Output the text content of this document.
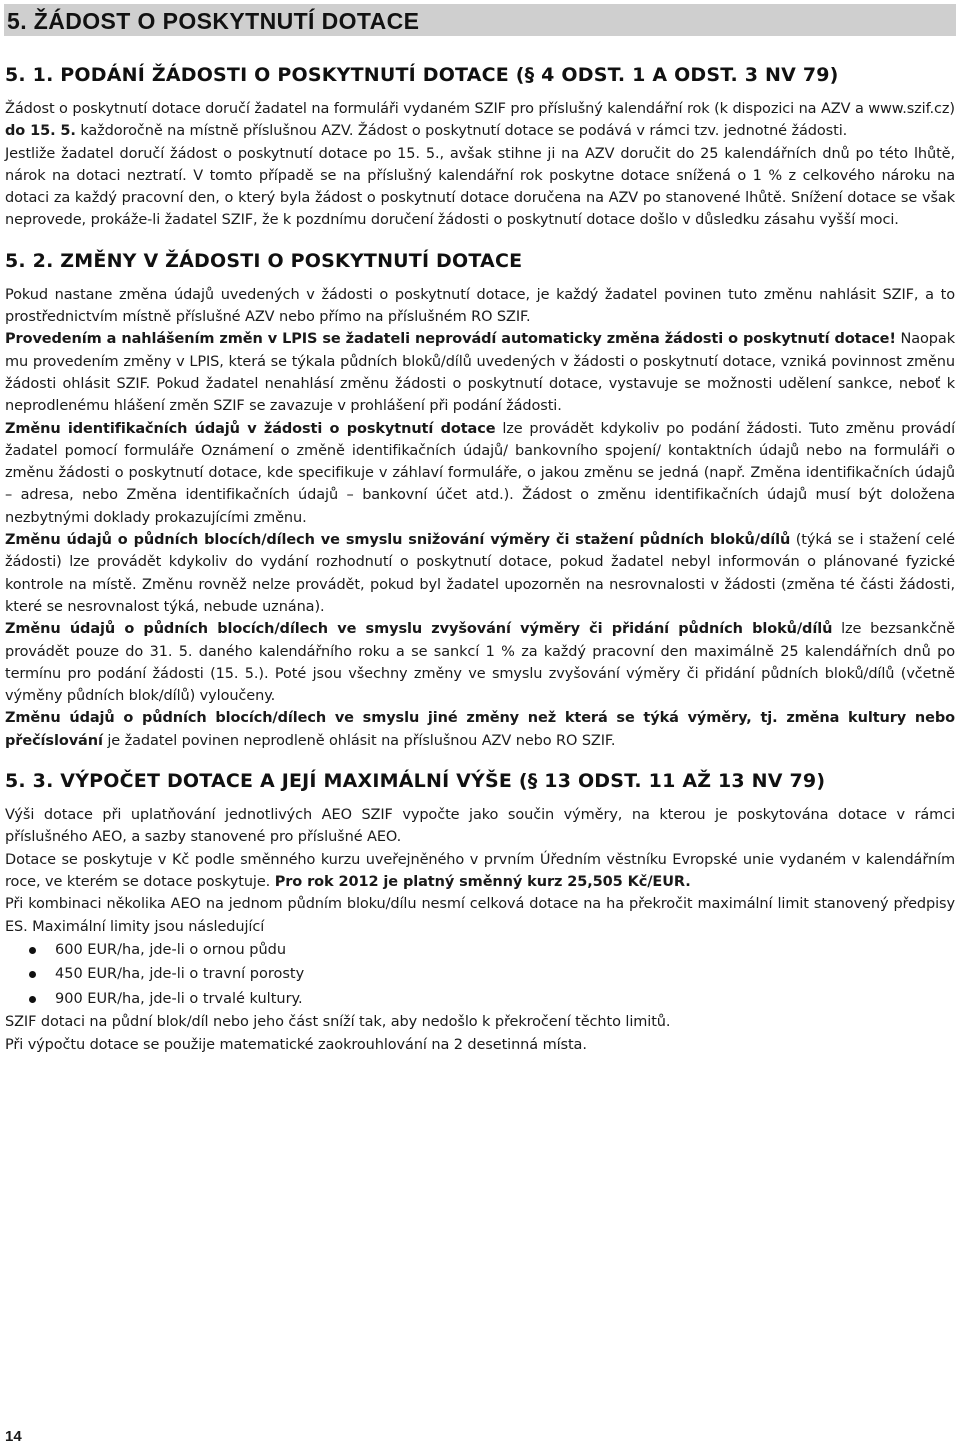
5. ŽÁDOST O POSKYTNUTÍ DOTACE
5. 1. PODÁNÍ ŽÁDOSTI O POSKYTNUTÍ DOTACE (§ 4 ODST. 1 A ODST. 3 NV 79)

Žádost o poskytnutí dotace doručí žadatel na formuláři vydaném SZIF pro příslušný kalendářní rok (k dispozici na AZV a www.szif.cz) do 15. 5. každoročně na místně příslušnou AZV. Žádost o poskytnutí dotace se podává v rámci tzv. jednotné žádosti.

Jestliže žadatel doručí žádost o poskytnutí dotace po 15. 5., avšak stihne ji na AZV doručit do 25 kalendářních dnů po této lhůtě, nárok na dotaci neztratí. V tomto případě se na příslušný kalendářní rok poskytne dotace snížená o 1 % z celkového nároku na dotaci za každý pracovní den, o který byla žádost o poskytnutí dotace doručena na AZV po stanovené lhůtě. Snížení dotace se však neprovede, prokáže-li žadatel SZIF, že k pozdnímu doručení žádosti o poskytnutí dotace došlo v důsledku zásahu vyšší moci.

5. 2. ZMĚNY V ŽÁDOSTI O POSKYTNUTÍ DOTACE

Pokud nastane změna údajů uvedených v žádosti o poskytnutí dotace, je každý žadatel povinen tuto změnu nahlásit SZIF, a to prostřednictvím místně příslušné AZV nebo přímo na příslušném RO SZIF.

Provedením a nahlášením změn v LPIS se žadateli neprovádí automaticky změna žádosti o poskytnutí dotace! Naopak mu provedením změny v LPIS, která se týkala půdních bloků/dílů uvedených v žádosti o poskytnutí dotace, vzniká povinnost změnu žádosti ohlásit SZIF. Pokud žadatel nenahlásí změnu žádosti o poskytnutí dotace, vystavuje se možnosti udělení sankce, neboť k neprodlenému hlášení změn SZIF se zavazuje v prohlášení při podání žádosti.

Změnu identifikačních údajů v žádosti o poskytnutí dotace lze provádět kdykoliv po podání žádosti. Tuto změnu provádí žadatel pomocí formuláře Oznámení o změně identifikačních údajů/ bankovního spojení/ kontaktních údajů nebo na formuláři o změnu žádosti o poskytnutí dotace, kde specifikuje v záhlaví formuláře, o jakou změnu se jedná (např. Změna identifikačních údajů – adresa, nebo Změna identifikačních údajů – bankovní účet atd.). Žádost o změnu identifikačních údajů musí být doložena nezbytnými doklady prokazujícími změnu.

Změnu údajů o půdních blocích/dílech ve smyslu snižování výměry či stažení půdních bloků/dílů (týká se i stažení celé žádosti) lze provádět kdykoliv do vydání rozhodnutí o poskytnutí dotace, pokud žadatel nebyl informován o plánované fyzické kontrole na místě. Změnu rovněž nelze provádět, pokud byl žadatel upozorněn na nesrovnalosti v žádosti (změna té části žádosti, které se nesrovnalost týká, nebude uznána).

Změnu údajů o půdních blocích/dílech ve smyslu zvyšování výměry či přidání půdních bloků/dílů lze bezsankčně provádět pouze do 31. 5. daného kalendářního roku a se sankcí 1 % za každý pracovní den maximálně 25 kalendářních dnů po termínu pro podání žádosti (15. 5.). Poté jsou všechny změny ve smyslu zvyšování výměry či přidání půdních bloků/dílů (včetně výměny půdních blok/dílů) vyloučeny.

Změnu údajů o půdních blocích/dílech ve smyslu jiné změny než která se týká výměry, tj. změna kultury nebo přečíslování je žadatel povinen neprodleně ohlásit na příslušnou AZV nebo RO SZIF.

5. 3. VÝPOČET DOTACE A JEJÍ MAXIMÁLNÍ VÝŠE (§ 13 ODST. 11 AŽ 13 NV 79)

Výši dotace při uplatňování jednotlivých AEO SZIF vypočte jako součin výměry, na kterou je poskytována dotace v rámci příslušného AEO, a sazby stanovené pro příslušné AEO.

Dotace se poskytuje v Kč podle směnného kurzu uveřejněného v prvním Úředním věstníku Evropské unie vydaném v kalendářním roce, ve kterém se dotace poskytuje. Pro rok 2012 je platný směnný kurz 25,505 Kč/EUR.

Při kombinaci několika AEO na jednom půdním bloku/dílu nesmí celková dotace na ha překročit maximální limit stanovený předpisy ES. Maximální limity jsou následující

600 EUR/ha, jde-li o ornou půdu
450 EUR/ha, jde-li o travní porosty
900 EUR/ha, jde-li o trvalé kultury.

SZIF dotaci na půdní blok/díl nebo jeho část sníží tak, aby nedošlo k překročení těchto limitů.

Při výpočtu dotace se použije matematické zaokrouhlování na 2 desetinná místa.

14
